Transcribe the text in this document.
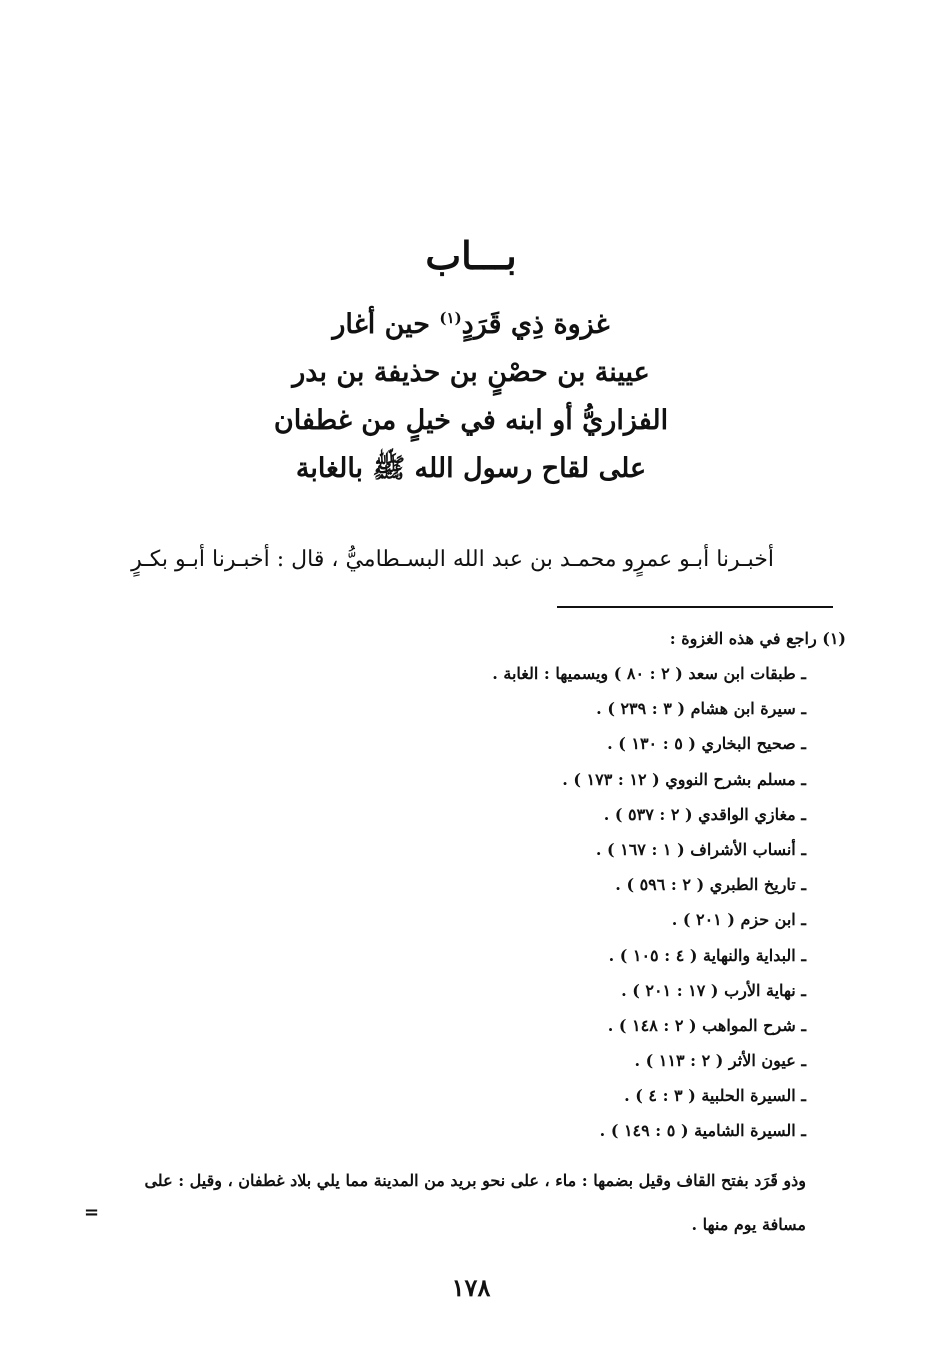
بـــاب
غزوة ذِي قَرَدٍ$^{(١)}$ حين أغار
عيينة بن حصْنٍ بن حذيفة بن بدر
الفزاريُّ أو ابنه في خيلٍ من غطفان
على لقاح رسول الله ﷺ بالغابة
أخبـرنا أبـو عمرٍو محمـد بن عبد الله البسـطاميُّ ، قال : أخبـرنا أبـو بكـرٍ
(١) راجع في هذه الغزوة :
ـ طبقات ابن سعد ( ٢ : ٨٠ ) ويسميها : الغابة .
ـ سيرة ابن هشام ( ٣ : ٢٣٩ ) .
ـ صحيح البخاري ( ٥ : ١٣٠ ) .
ـ مسلم بشرح النووي ( ١٢ : ١٧٣ ) .
ـ مغازي الواقدي ( ٢ : ٥٣٧ ) .
ـ أنساب الأشراف ( ١ : ١٦٧ ) .
ـ تاريخ الطبري ( ٢ : ٥٩٦ ) .
ـ ابن حزم ( ٢٠١ ) .
ـ البداية والنهاية ( ٤ : ١٠٥ ) .
ـ نهاية الأرب ( ١٧ : ٢٠١ ) .
ـ شرح المواهب ( ٢ : ١٤٨ ) .
ـ عيون الأثر ( ٢ : ١١٣ ) .
ـ السيرة الحلبية ( ٣ : ٤ ) .
ـ السيرة الشامية ( ٥ : ١٤٩ ) .
وذو قَرَد بفتح القاف وقيل بضمها : ماء ، على نحو بريد من المدينة مما يلي بلاد غطفان ، وقيل : على مسافة يوم منها .
=
١٧٨
